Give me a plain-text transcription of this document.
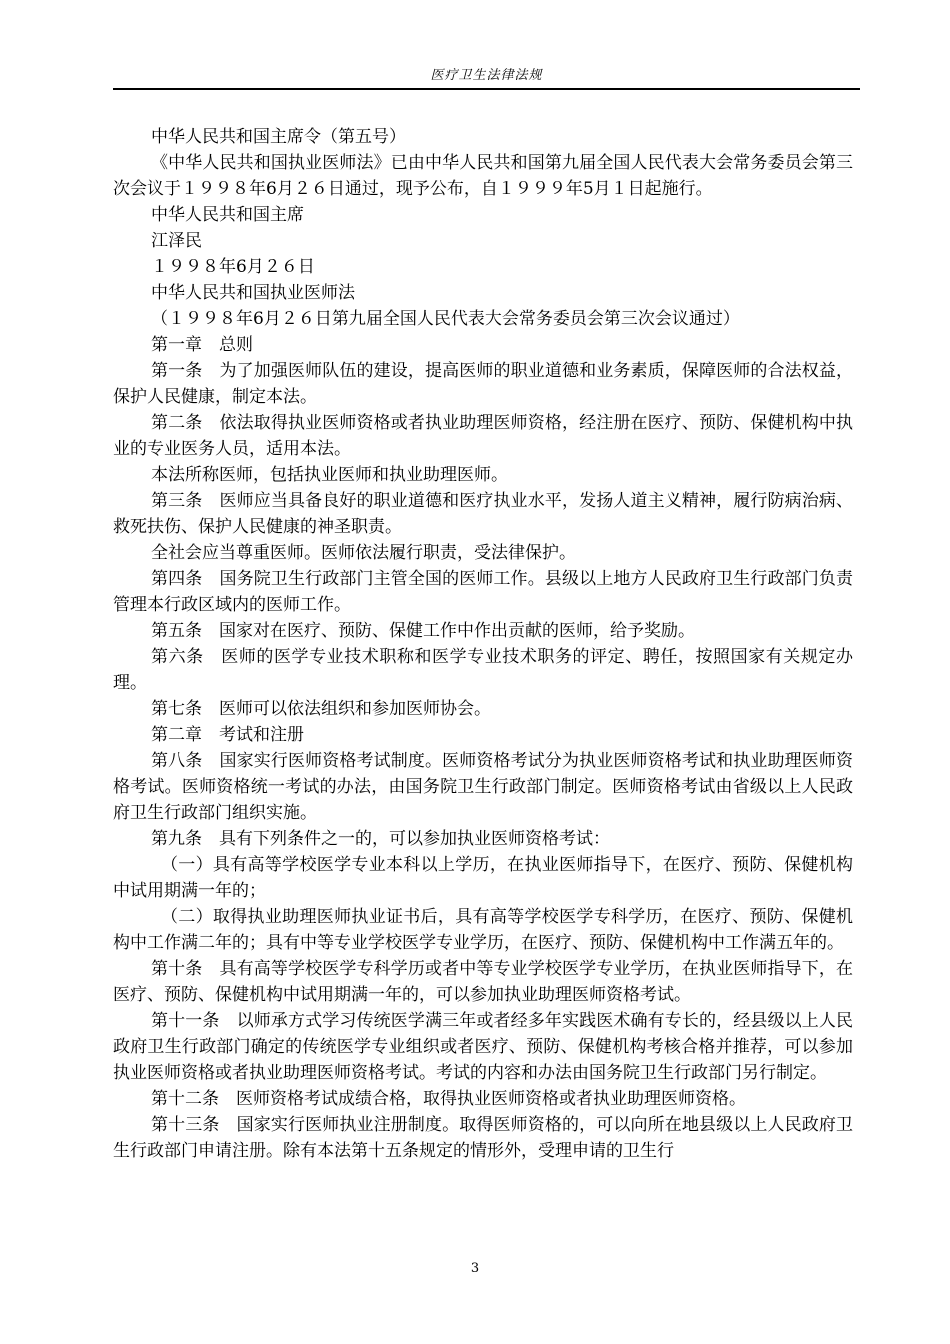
医疗卫生法律法规

中华人民共和国主席令（第五号）

《中华人民共和国执业医师法》已由中华人民共和国第九届全国人民代表大会常务委员会第三次会议于１９９８年6月２６日通过，现予公布，自１９９９年5月１日起施行。

中华人民共和国主席

江泽民

１９９８年6月２６日

中华人民共和国执业医师法

（１９９８年6月２６日第九届全国人民代表大会常务委员会第三次会议通过）

第一章　总则

第一条　为了加强医师队伍的建设，提高医师的职业道德和业务素质，保障医师的合法权益，保护人民健康，制定本法。

第二条　依法取得执业医师资格或者执业助理医师资格，经注册在医疗、预防、保健机构中执业的专业医务人员，适用本法。

本法所称医师，包括执业医师和执业助理医师。

第三条　医师应当具备良好的职业道德和医疗执业水平，发扬人道主义精神，履行防病治病、救死扶伤、保护人民健康的神圣职责。

全社会应当尊重医师。医师依法履行职责，受法律保护。

第四条　国务院卫生行政部门主管全国的医师工作。县级以上地方人民政府卫生行政部门负责管理本行政区域内的医师工作。

第五条　国家对在医疗、预防、保健工作中作出贡献的医师，给予奖励。

第六条　医师的医学专业技术职称和医学专业技术职务的评定、聘任，按照国家有关规定办理。

第七条　医师可以依法组织和参加医师协会。

第二章　考试和注册

第八条　国家实行医师资格考试制度。医师资格考试分为执业医师资格考试和执业助理医师资格考试。医师资格统一考试的办法，由国务院卫生行政部门制定。医师资格考试由省级以上人民政府卫生行政部门组织实施。

第九条　具有下列条件之一的，可以参加执业医师资格考试：

（一）具有高等学校医学专业本科以上学历，在执业医师指导下，在医疗、预防、保健机构中试用期满一年的；

（二）取得执业助理医师执业证书后，具有高等学校医学专科学历，在医疗、预防、保健机构中工作满二年的；具有中等专业学校医学专业学历，在医疗、预防、保健机构中工作满五年的。

第十条　具有高等学校医学专科学历或者中等专业学校医学专业学历，在执业医师指导下，在医疗、预防、保健机构中试用期满一年的，可以参加执业助理医师资格考试。

第十一条　以师承方式学习传统医学满三年或者经多年实践医术确有专长的，经县级以上人民政府卫生行政部门确定的传统医学专业组织或者医疗、预防、保健机构考核合格并推荐，可以参加执业医师资格或者执业助理医师资格考试。考试的内容和办法由国务院卫生行政部门另行制定。

第十二条　医师资格考试成绩合格，取得执业医师资格或者执业助理医师资格。

第十三条　国家实行医师执业注册制度。取得医师资格的，可以向所在地县级以上人民政府卫生行政部门申请注册。除有本法第十五条规定的情形外，受理申请的卫生行

3
